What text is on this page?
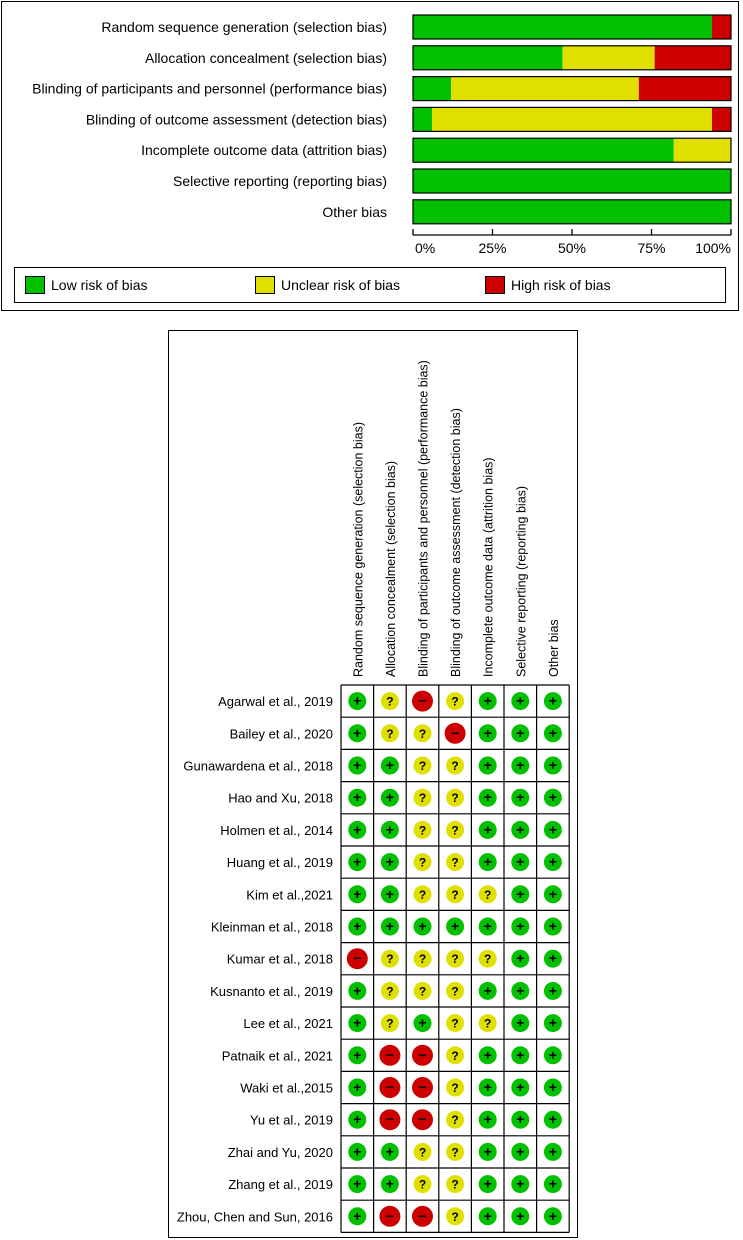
Random sequence generation (selection bias)
Allocation concealment (selection bias)
Blinding of participants and personnel (performance bias)
Blinding of outcome assessment (detection bias)
Incomplete outcome data (attrition bias)
Selective reporting (reporting bias)
Other bias
0%	25%	50%	75% 100%
Low risk of bias	Unclear risk of bias	High risk of bias
Random sequence generation (selection bias) Allocation concealment (selection bias) Blinding of participants and personnel (performance bias) Blinding of outcome assessment (detection bias) Incomplete outcome data (attrition bias) Selective reporting (reporting bias) Other bias
Agarwal et al., 2019 + ? − ? + + +
Bailey et al., 2020 + ? ? − + + +
Gunawardena et al., 2018 + + ? ? + + +
Hao and Xu, 2018 + + ? ? + + +
Holmen et al., 2014 + + ? ? + + +
Huang et al., 2019 + + ? ? + + +
Kim et al.,2021 + + ? ? ? + +
Kleinman et al., 2018 + + + + + + +
Kumar et al., 2018 − ? ? ? ? + +
Kusnanto et al., 2019 + ? ? ? + + +
Lee et al., 2021 + ? + ? ? + +
Patnaik et al., 2021 + − − ? + + +
Waki et al.,2015 + − − ? + + +
Yu et al., 2019 + − − ? + + +
Zhai and Yu, 2020 + + ? ? + + +
Zhang et al., 2019 + + ? ? + + +
Zhou, Chen and Sun, 2016 + − − ? + + +
